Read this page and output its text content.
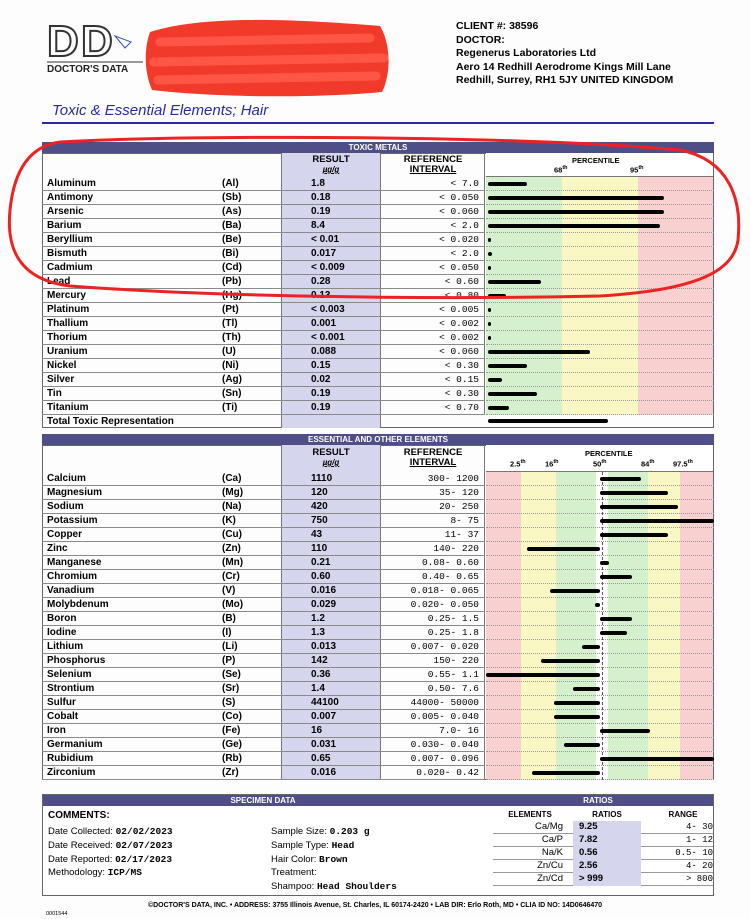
D D
DOCTOR'S DATA
CLIENT #: 38596
DOCTOR:
Regenerus Laboratories Ltd
Aero 14 Redhill Aerodrome Kings Mill Lane
Redhill, Surrey, RH1 5JY UNITED KINGDOM
Toxic & Essential Elements; Hair
TOXIC METALS
RESULT
µg/g
REFERENCE
INTERVAL
PERCENTILE
68th	95th
Aluminum	(Al)	1.8	< 7.0
Antimony	(Sb)	0.18	< 0.050
Arsenic	(As)	0.19	< 0.060
Barium	(Ba)	8.4	< 2.0
Beryllium	(Be)	< 0.01	< 0.020
Bismuth	(Bi)	0.017	< 2.0
Cadmium	(Cd)	< 0.009	< 0.050
Lead	(Pb)	0.28	< 0.60
Mercury	(Hg)	0.13	< 0.80
Platinum	(Pt)	< 0.003	< 0.005
Thallium	(Tl)	0.001	< 0.002
Thorium	(Th)	< 0.001	< 0.002
Uranium	(U)	0.088	< 0.060
Nickel	(Ni)	0.15	< 0.30
Silver	(Ag)	0.02	< 0.15
Tin	(Sn)	0.19	< 0.30
Titanium	(Ti)	0.19	< 0.70
Total Toxic Representation
ESSENTIAL AND OTHER ELEMENTS
RESULT
µg/g
REFERENCE
INTERVAL
PERCENTILE
2.5th	16th	50th	84th 97.5th
Calcium	(Ca)	1110	300- 1200
Magnesium	(Mg)	120	35- 120
Sodium	(Na)	420	20- 250
Potassium	(K)	750	8- 75
Copper	(Cu)	43	11- 37
Zinc	(Zn)	110	140- 220
Manganese	(Mn)	0.21	0.08- 0.60
Chromium	(Cr)	0.60	0.40- 0.65
Vanadium	(V)	0.016	0.018- 0.065
Molybdenum	(Mo)	0.029	0.020- 0.050
Boron	(B)	1.2	0.25- 1.5
Iodine	(I)	1.3	0.25- 1.8
Lithium	(Li)	0.013	0.007- 0.020
Phosphorus	(P)	142	150- 220
Selenium	(Se)	0.36	0.55- 1.1
Strontium	(Sr)	1.4	0.50- 7.6
Sulfur	(S)	44100	44000- 50000
Cobalt	(Co)	0.007	0.005- 0.040
Iron	(Fe)	16	7.0- 16
Germanium	(Ge)	0.031	0.030- 0.040
Rubidium	(Rb)	0.65	0.007- 0.096
Zirconium	(Zr)	0.016	0.020- 0.42
SPECIMEN DATA	RATIOS
COMMENTS:
Date Collected: 02/02/2023
Date Received: 02/07/2023
Date Reported: 02/17/2023
Methodology: ICP/MS
Sample Size: 0.203 g
Sample Type: Head
Hair Color: Brown
Treatment:
Shampoo: Head Shoulders
ELEMENTS	RATIOS	RANGE
Ca/Mg	9.25	4- 30
Ca/P	7.82	1- 12
Na/K	0.56	0.5- 10
Zn/Cu	2.56	4- 20
Zn/Cd	> 999	> 800
©DOCTOR'S DATA, INC. • ADDRESS: 3755 Illinois Avenue, St. Charles, IL 60174-2420 • LAB DIR: Erlo Roth, MD • CLIA ID NO: 14D0646470
0001544
